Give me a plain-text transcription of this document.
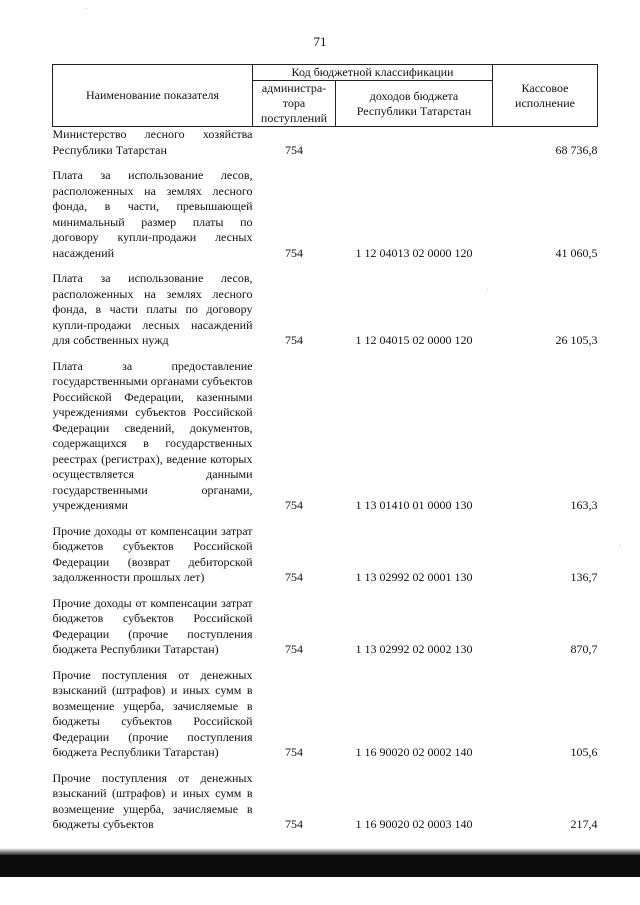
71
Наименование показателя	Код бюджетной классификации		Кассовое исполнение
	администра-тора поступлений	доходов бюджета Республики Татарстан	
Министерство лесного хозяйства Республики Татарстан	754		68 736,8
Плата за использование лесов, расположенных на землях лесного фонда, в части, превышающей минимальный размер платы по договору купли-продажи лесных насаждений	754	1 12 04013 02 0000 120	41 060,5
Плата за использование лесов, расположенных на землях лесного фонда, в части платы по договору купли-продажи лесных насаждений для собственных нужд	754	1 12 04015 02 0000 120	26 105,3
Плата за предоставление государственными органами субъектов Российской Федерации, казенными учреждениями субъектов Российской Федерации сведений, документов, содержащихся в государственных реестрах (регистрах), ведение которых осуществляется данными государственными органами, учреждениями	754	1 13 01410 01 0000 130	163,3
Прочие доходы от компенсации затрат бюджетов субъектов Российской Федерации (возврат дебиторской задолженности прошлых лет)	754	1 13 02992 02 0001 130	136,7
Прочие доходы от компенсации затрат бюджетов субъектов Российской Федерации (прочие поступления бюджета Республики Татарстан)	754	1 13 02992 02 0002 130	870,7
Прочие поступления от денежных взысканий (штрафов) и иных сумм в возмещение ущерба, зачисляемые в бюджеты субъектов Российской Федерации (прочие поступления бюджета Республики Татарстан)	754	1 16 90020 02 0002 140	105,6
Прочие поступления от денежных взысканий (штрафов) и иных сумм в возмещение ущерба, зачисляемые в бюджеты субъектов	754	1 16 90020 02 0003 140	217,4
